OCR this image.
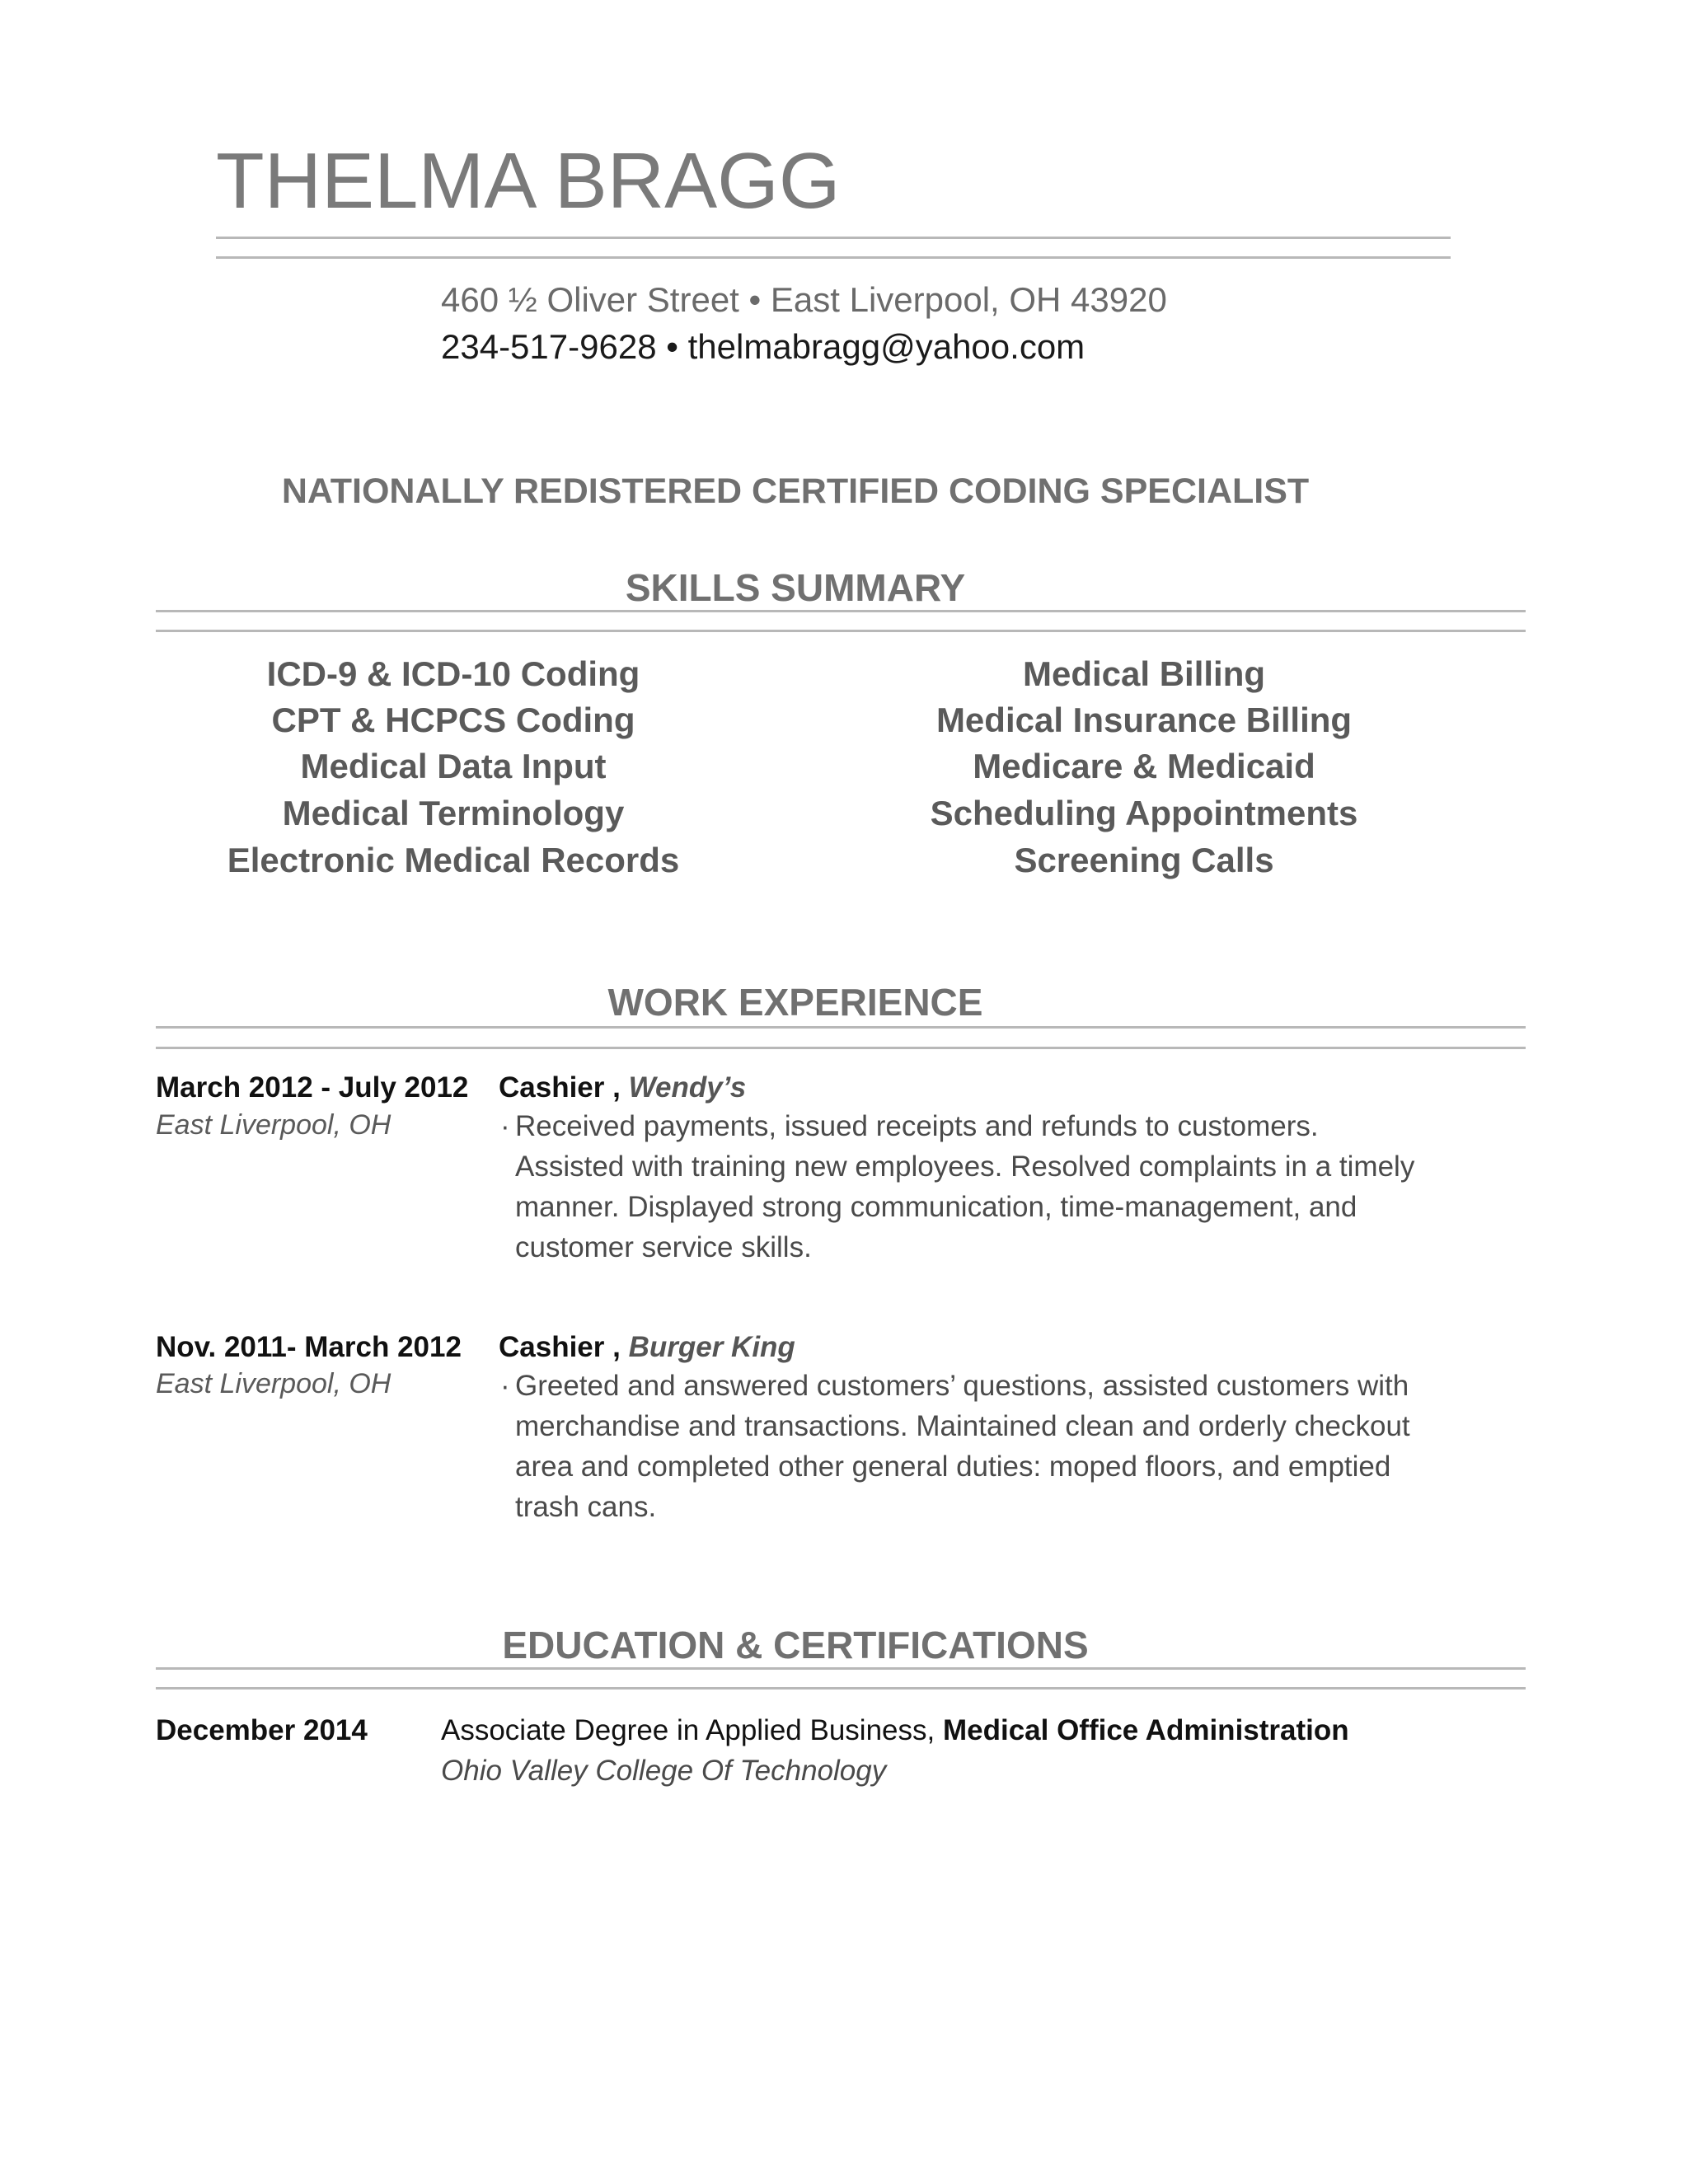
THELMA BRAGG
460 ½ Oliver Street • East Liverpool, OH 43920
234-517-9628 • thelmabragg@yahoo.com
NATIONALLY REDISTERED CERTIFIED CODING SPECIALIST
SKILLS SUMMARY
ICD-9 & ICD-10 Coding
CPT & HCPCS Coding
Medical Data Input
Medical Terminology
Electronic Medical Records
Medical Billing
Medical Insurance Billing
Medicare & Medicaid
Scheduling Appointments
Screening Calls
WORK EXPERIENCE
March 2012 - July 2012
East Liverpool, OH
Cashier , Wendy’s
· Received payments, issued receipts and refunds to customers.
Assisted with training new employees. Resolved complaints in a timely
manner. Displayed strong communication, time-management, and
customer service skills.
Nov. 2011- March 2012
East Liverpool, OH
Cashier , Burger King
· Greeted and answered customers’ questions, assisted customers with
merchandise and transactions. Maintained clean and orderly checkout
area and completed other general duties: moped floors, and emptied
trash cans.
EDUCATION & CERTIFICATIONS
December 2014	Associate Degree in Applied Business, Medical Office Administration
Ohio Valley College Of Technology
